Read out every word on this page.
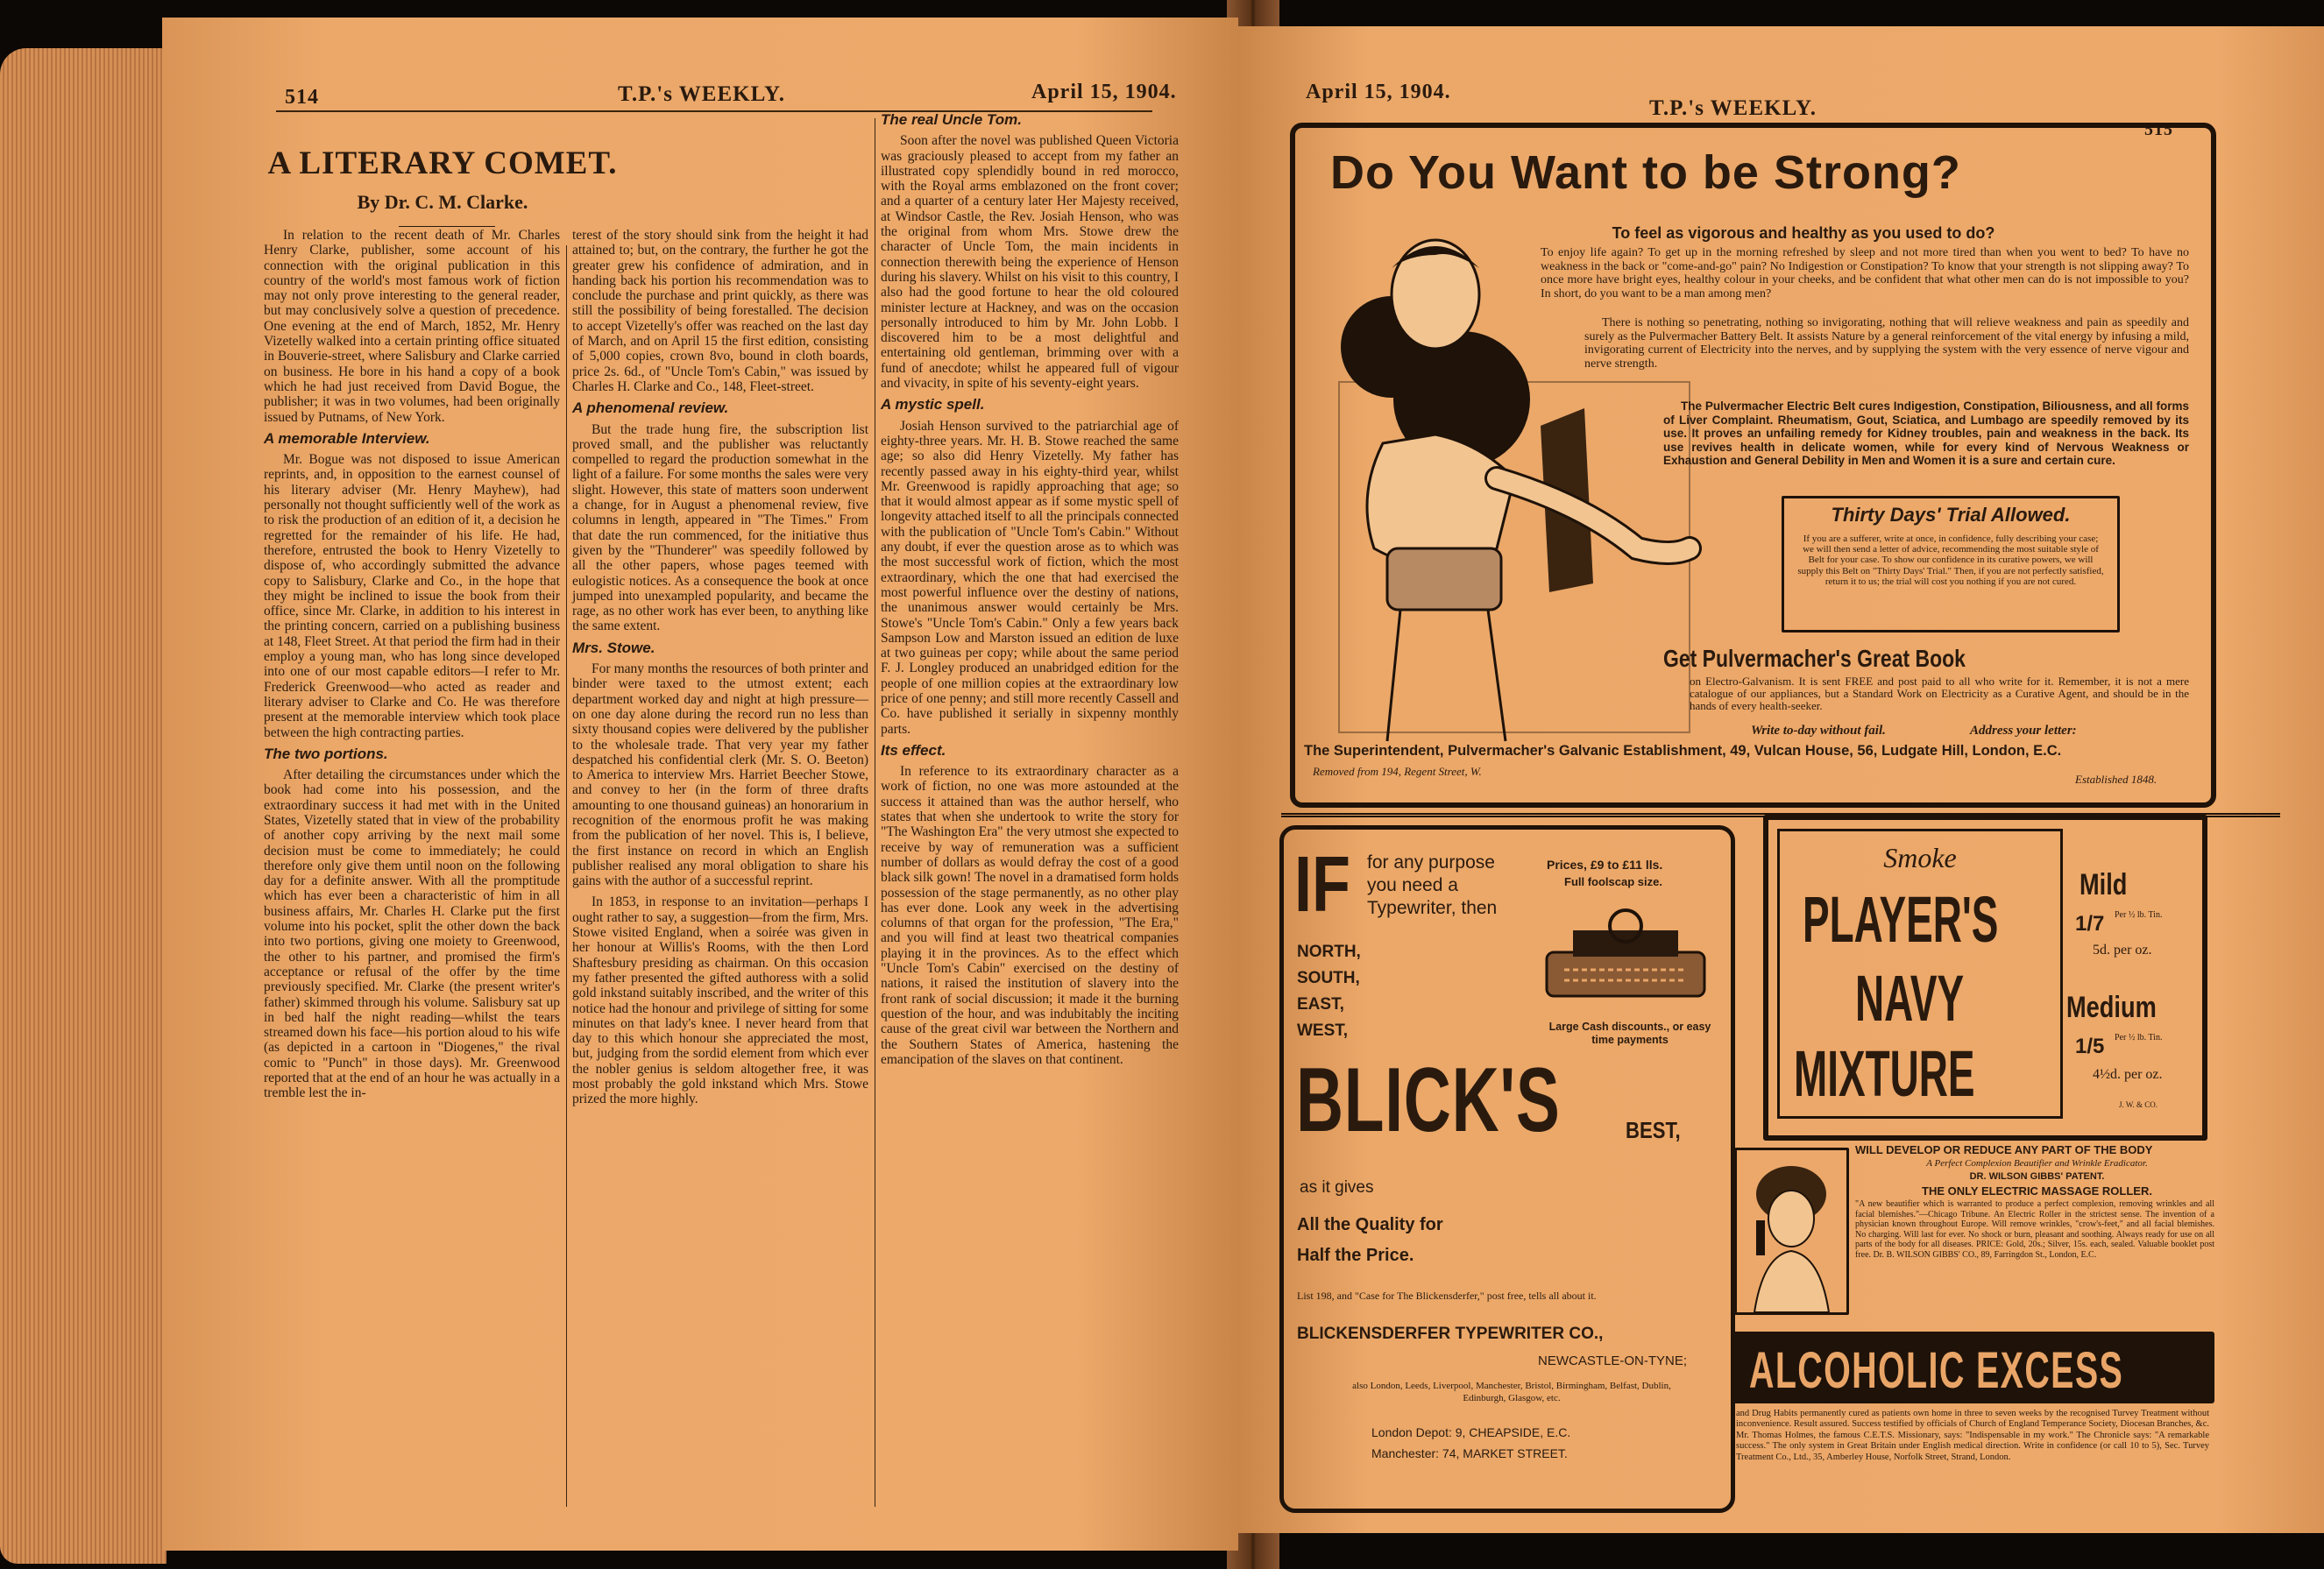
514	T.P.'s WEEKLY.	April 15, 1904.
A LITERARY COMET.
By Dr. C. M. Clarke.

In relation to the recent death of Mr. Charles Henry Clarke, publisher, some account of his connection with the original publication in this country of the world's most famous work of fiction may not only prove interesting to the general reader, but may conclusively solve a question of precedence. One evening at the end of March, 1852, Mr. Henry Vizetelly walked into a certain printing office situated in Bouverie-street, where Salisbury and Clarke carried on business. He bore in his hand a copy of a book which he had just received from David Bogue, the publisher; it was in two volumes, had been originally issued by Putnams, of New York.

A memorable Interview.

Mr. Bogue was not disposed to issue American reprints, and, in opposition to the earnest counsel of his literary adviser (Mr. Henry Mayhew), had personally not thought sufficiently well of the work as to risk the production of an edition of it, a decision he regretted for the remainder of his life. He had, therefore, entrusted the book to Henry Vizetelly to dispose of, who accordingly submitted the advance copy to Salisbury, Clarke and Co., in the hope that they might be inclined to issue the book from their office, since Mr. Clarke, in addition to his interest in the printing concern, carried on a publishing business at 148, Fleet Street. At that period the firm had in their employ a young man, who has long since developed into one of our most capable editors—I refer to Mr. Frederick Greenwood—who acted as reader and literary adviser to Clarke and Co. He was therefore present at the memorable interview which took place between the high contracting parties.

The two portions.

After detailing the circumstances under which the book had come into his possession, and the extraordinary success it had met with in the United States, Vizetelly stated that in view of the probability of another copy arriving by the next mail some decision must be come to immediately; he could therefore only give them until noon on the following day for a definite answer. With all the promptitude which has ever been a characteristic of him in all business affairs, Mr. Charles H. Clarke put the first volume into his pocket, split the other down the back into two portions, giving one moiety to Greenwood, the other to his partner, and promised the firm's acceptance or refusal of the offer by the time previously specified. Mr. Clarke (the present writer's father) skimmed through his volume. Salisbury sat up in bed half the night reading—whilst the tears streamed down his face—his portion aloud to his wife (as depicted in a cartoon in "Diogenes," the rival comic to "Punch" in those days). Mr. Greenwood reported that at the end of an hour he was actually in a tremble lest the in-

terest of the story should sink from the height it had attained to; but, on the contrary, the further he got the greater grew his confidence of admiration, and in handing back his portion his recommendation was to conclude the purchase and print quickly, as there was still the possibility of being forestalled. The decision to accept Vizetelly's offer was reached on the last day of March, and on April 15 the first edition, consisting of 5,000 copies, crown 8vo, bound in cloth boards, price 2s. 6d., of "Uncle Tom's Cabin," was issued by Charles H. Clarke and Co., 148, Fleet-street.

A phenomenal review.

But the trade hung fire, the subscription list proved small, and the publisher was reluctantly compelled to regard the production somewhat in the light of a failure. For some months the sales were very slight. However, this state of matters soon underwent a change, for in August a phenomenal review, five columns in length, appeared in "The Times." From that date the run commenced, for the initiative thus given by the "Thunderer" was speedily followed by all the other papers, whose pages teemed with eulogistic notices. As a consequence the book at once jumped into unexampled popularity, and became the rage, as no other work has ever been, to anything like the same extent.

Mrs. Stowe.

For many months the resources of both printer and binder were taxed to the utmost extent; each department worked day and night at high pressure—on one day alone during the record run no less than sixty thousand copies were delivered by the publisher to the wholesale trade. That very year my father despatched his confidential clerk (Mr. S. O. Beeton) to America to interview Mrs. Harriet Beecher Stowe, and convey to her (in the form of three drafts amounting to one thousand guineas) an honorarium in recognition of the enormous profit he was making from the publication of her novel. This is, I believe, the first instance on record in which an English publisher realised any moral obligation to share his gains with the author of a successful reprint.

In 1853, in response to an invitation—perhaps I ought rather to say, a suggestion—from the firm, Mrs. Stowe visited England, when a soirée was given in her honour at Willis's Rooms, with the then Lord Shaftesbury presiding as chairman. On this occasion my father presented the gifted authoress with a solid gold inkstand suitably inscribed, and the writer of this notice had the honour and privilege of sitting for some minutes on that lady's knee. I never heard from that day to this which honour she appreciated the most, but, judging from the sordid element from which ever the nobler genius is seldom altogether free, it was most probably the gold inkstand which Mrs. Stowe prized the more highly.

The real Uncle Tom.

Soon after the novel was published Queen Victoria was graciously pleased to accept from my father an illustrated copy splendidly bound in red morocco, with the Royal arms emblazoned on the front cover; and a quarter of a century later Her Majesty received, at Windsor Castle, the Rev. Josiah Henson, who was the original from whom Mrs. Stowe drew the character of Uncle Tom, the main incidents in connection therewith being the experience of Henson during his slavery. Whilst on his visit to this country, I also had the good fortune to hear the old coloured minister lecture at Hackney, and was on the occasion personally introduced to him by Mr. John Lobb. I discovered him to be a most delightful and entertaining old gentleman, brimming over with a fund of anecdote; whilst he appeared full of vigour and vivacity, in spite of his seventy-eight years.

A mystic spell.

Josiah Henson survived to the patriarchial age of eighty-three years. Mr. H. B. Stowe reached the same age; so also did Henry Vizetelly. My father has recently passed away in his eighty-third year, whilst Mr. Greenwood is rapidly approaching that age; so that it would almost appear as if some mystic spell of longevity attached itself to all the principals connected with the publication of "Uncle Tom's Cabin." Without any doubt, if ever the question arose as to which was the most successful work of fiction, which the most extraordinary, which the one that had exercised the most powerful influence over the destiny of nations, the unanimous answer would certainly be Mrs. Stowe's "Uncle Tom's Cabin." Only a few years back Sampson Low and Marston issued an edition de luxe at two guineas per copy; while about the same period F. J. Longley produced an unabridged edition for the people of one million copies at the extraordinary low price of one penny; and still more recently Cassell and Co. have published it serially in sixpenny monthly parts.

Its effect.

In reference to its extraordinary character as a work of fiction, no one was more astounded at the success it attained than was the author herself, who states that when she undertook to write the story for "The Washington Era" the very utmost she expected to receive by way of remuneration was a sufficient number of dollars as would defray the cost of a good black silk gown! The novel in a dramatised form holds possession of the stage permanently, as no other play has ever done. Look any week in the advertising columns of that organ for the profession, "The Era," and you will find at least two theatrical companies playing it in the provinces. As to the effect which "Uncle Tom's Cabin" exercised on the destiny of nations, it raised the institution of slavery into the front rank of social discussion; it made it the burning question of the hour, and was indubitably the inciting cause of the great civil war between the Northern and the Southern States of America, hastening the emancipation of the slaves on that continent.

April 15, 1904.
T.P.'s WEEKLY.
515
Do You Want to be Strong?
To feel as vigorous and healthy as you used to do?
To enjoy life again? To get up in the morning refreshed by sleep and not more tired than when you went to bed? To have no weakness in the back or "come-and-go" pain? No Indigestion or Constipation? To know that your strength is not slipping away? To once more have bright eyes, healthy colour in your cheeks, and be confident that what other men can do is not impossible to you? In short, do you want to be a man among men?
There is nothing so penetrating, nothing so invigorating, nothing that will relieve weakness and pain as speedily and surely as the Pulvermacher Battery Belt. It assists Nature by a general reinforcement of the vital energy by infusing a mild, invigorating current of Electricity into the nerves, and by supplying the system with the very essence of nerve vigour and nerve strength.
The Pulvermacher Electric Belt cures Indigestion, Constipation, Biliousness, and all forms of Liver Complaint. Rheumatism, Gout, Sciatica, and Lumbago are speedily removed by its use. It proves an unfailing remedy for Kidney troubles, pain and weakness in the back. Its use revives health in delicate women, while for every kind of Nervous Weakness or Exhaustion and General Debility in Men and Women it is a sure and certain cure.
Thirty Days' Trial Allowed.
If you are a sufferer, write at once, in confidence, fully describing your case; we will then send a letter of advice, recommending the most suitable style of Belt for your case. To show our confidence in its curative powers, we will supply this Belt on "Thirty Days' Trial." Then, if you are not perfectly satisfied, return it to us; the trial will cost you nothing if you are not cured.
Get Pulvermacher's Great Book
on Electro-Galvanism. It is sent FREE and post paid to all who write for it. Remember, it is not a mere catalogue of our appliances, but a Standard Work on Electricity as a Curative Agent, and should be in the hands of every health-seeker.
Write to-day without fail.	Address your letter:
The Superintendent, Pulvermacher's Galvanic Establishment, 49, Vulcan House, 56, Ludgate Hill, London, E.C.
Removed from 194, Regent Street, W.
Established 1848.
IF for any purpose you need a Typewriter, then
NORTH,
SOUTH,
EAST,
WEST,
Prices, £9 to £11 lls.
Full foolscap size.
Large Cash discounts., or easy time payments
BLICK'S	BEST,
as it gives
All the Quality for
Half the Price.
List 198, and "Case for The Blickensderfer," post free, tells all about it.
BLICKENSDERFER TYPEWRITER CO.,
NEWCASTLE-ON-TYNE;
also London, Leeds, Liverpool, Manchester, Bristol, Birmingham, Belfast, Dublin, Edinburgh, Glasgow, etc.
London Depot: 9, CHEAPSIDE, E.C.
Manchester: 74, MARKET STREET.
Smoke
PLAYER'S
NAVY
MIXTURE
Mild
1/7 Per ½ lb. Tin.
5d. per oz.
Medium
1/5 Per ½ lb. Tin.
4½d. per oz.
J. W. & CO.
WILL DEVELOP OR REDUCE ANY PART OF THE BODY
A Perfect Complexion Beautifier and Wrinkle Eradicator.
DR. WILSON GIBBS' PATENT.
THE ONLY ELECTRIC MASSAGE ROLLER.
"A new beautifier which is warranted to produce a perfect complexion, removing wrinkles and all facial blemishes."—Chicago Tribune. An Electric Roller in the strictest sense. The invention of a physician known throughout Europe. Will remove wrinkles, "crow's-feet," and all facial blemishes. No charging. Will last for ever. No shock or burn, pleasant and soothing. Always ready for use on all parts of the body for all diseases. PRICE: Gold, 20s.; Silver, 15s. each, sealed. Valuable booklet post free. Dr. B. WILSON GIBBS' CO., 89, Farringdon St., London, E.C.
ALCOHOLIC EXCESS
and Drug Habits permanently cured as patients own home in three to seven weeks by the recognised Turvey Treatment without inconvenience. Result assured. Success testified by officials of Church of England Temperance Society, Diocesan Branches, &c. Mr. Thomas Holmes, the famous C.E.T.S. Missionary, says: "Indispensable in my work." The Chronicle says: "A remarkable success." The only system in Great Britain under English medical direction. Write in confidence (or call 10 to 5), Sec. Turvey Treatment Co., Ltd., 35, Amberley House, Norfolk Street, Strand, London.
